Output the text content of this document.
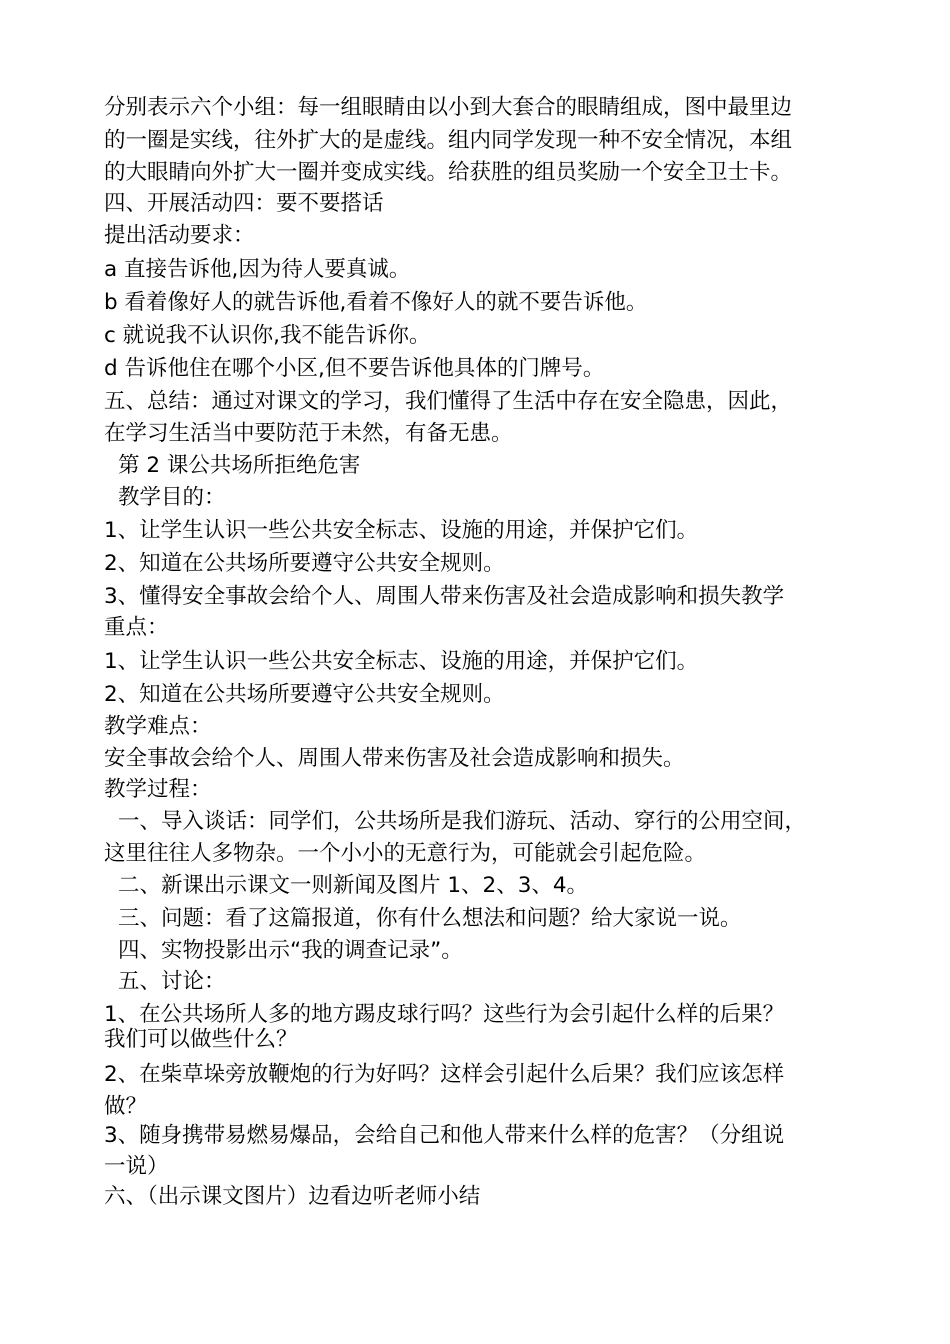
分别表示六个小组：每一组眼睛由以小到大套合的眼睛组成，图中最里边
的一圈是实线，往外扩大的是虚线。组内同学发现一种不安全情况，本组
的大眼睛向外扩大一圈并变成实线。给获胜的组员奖励一个安全卫士卡。
四、开展活动四：要不要搭话
提出活动要求：
a 直接告诉他,因为待人要真诚。
b 看着像好人的就告诉他,看着不像好人的就不要告诉他。
c 就说我不认识你,我不能告诉你。
d 告诉他住在哪个小区,但不要告诉他具体的门牌号。
五、总结：通过对课文的学习，我们懂得了生活中存在安全隐患，因此，
在学习生活当中要防范于未然，有备无患。
第 2 课公共场所拒绝危害
教学目的：
1、让学生认识一些公共安全标志、设施的用途，并保护它们。
2、知道在公共场所要遵守公共安全规则。
3、懂得安全事故会给个人、周围人带来伤害及社会造成影响和损失教学
重点：
1、让学生认识一些公共安全标志、设施的用途，并保护它们。
2、知道在公共场所要遵守公共安全规则。
教学难点：
安全事故会给个人、周围人带来伤害及社会造成影响和损失。
教学过程：
一、导入谈话：同学们，公共场所是我们游玩、活动、穿行的公用空间，
这里往往人多物杂。一个小小的无意行为，可能就会引起危险。
二、新课出示课文一则新闻及图片 1、2、3、4。
三、问题：看了这篇报道，你有什么想法和问题？给大家说一说。
四、实物投影出示“我的调查记录”。
五、讨论：
1、在公共场所人多的地方踢皮球行吗？这些行为会引起什么样的后果？
我们可以做些什么？
2、在柴草垛旁放鞭炮的行为好吗？这样会引起什么后果？我们应该怎样
做？
3、随身携带易燃易爆品，会给自己和他人带来什么样的危害？（分组说
一说）
六、（出示课文图片）边看边听老师小结
